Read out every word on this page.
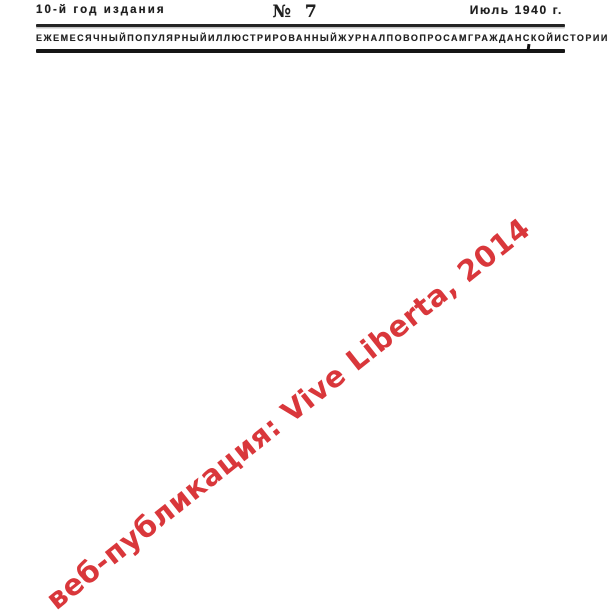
10-й год издания	№ 7	Июль 1940 г.
ЕЖЕМЕСЯЧНЫЙ ПОПУЛЯРНЫЙ ИЛЛЮСТРИРОВАННЫЙ ЖУРНАЛ ПО ВОПРОСАМ ГРАЖДАНСКОЙ ИСТОРИИ
веб-публикация: Vive Liberta, 2014
